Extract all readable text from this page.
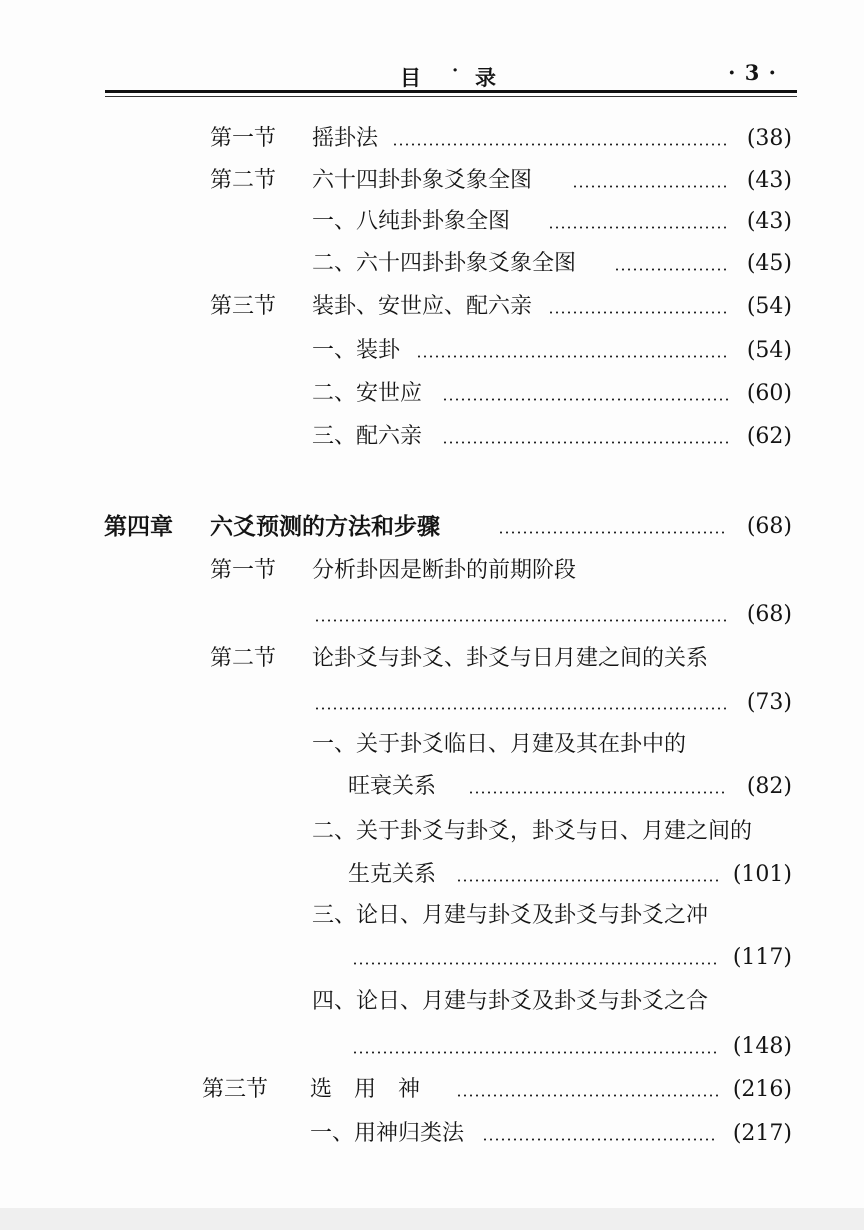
目 · 录	· 3 ·
第一节 摇卦法	(38)
第二节 六十四卦卦象爻象全图	(43)
一、八纯卦卦象全图	(43)
二、六十四卦卦象爻象全图	(45)
第三节 装卦、安世应、配六亲	(54)
一、装卦	(54)
二、安世应	(60)
三、配六亲	(62)
第四章 六爻预测的方法和步骤	(68)
第一节 分析卦因是断卦的前期阶段
(68)
第二节 论卦爻与卦爻、卦爻与日月建之间的关系
(73)
一、关于卦爻临日、月建及其在卦中的
旺衰关系	(82)
二、关于卦爻与卦爻，卦爻与日、月建之间的
生克关系	(101)
三、论日、月建与卦爻及卦爻与卦爻之冲
(117)
四、论日、月建与卦爻及卦爻与卦爻之合
(148)
第三节 选　用　神	(216)
一、用神归类法	(217)
